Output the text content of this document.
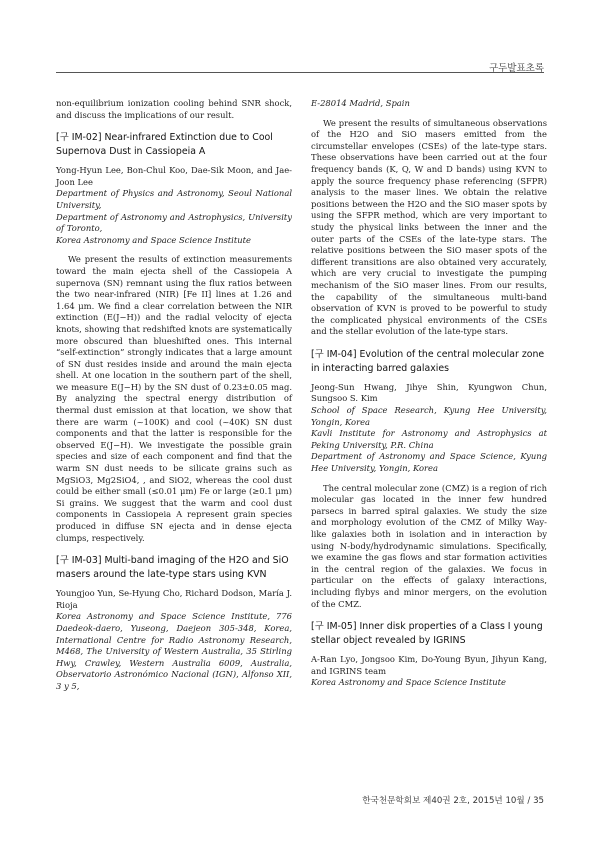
구두발표초록

non-equilibrium ionization cooling behind SNR shock, and discuss the implications of our result.

[구 IM-02] Near-infrared Extinction due to Cool Supernova Dust in Cassiopeia A

Yong-Hyun Lee, Bon-Chul Koo, Dae-Sik Moon, and Jae-Joon Lee

Department of Physics and Astronomy, Seoul National University,

Department of Astronomy and Astrophysics, University of Toronto,

Korea Astronomy and Space Science Institute

We present the results of extinction measurements toward the main ejecta shell of the Cassiopeia A supernova (SN) remnant using the flux ratios between the two near-infrared (NIR) [Fe II] lines at 1.26 and 1.64 μm. We find a clear correlation between the NIR extinction (E(J−H)) and the radial velocity of ejecta knots, showing that redshifted knots are systematically more obscured than blueshifted ones. This internal “self-extinction” strongly indicates that a large amount of SN dust resides inside and around the main ejecta shell. At one location in the southern part of the shell, we measure E(J−H) by the SN dust of 0.23±0.05 mag. By analyzing the spectral energy distribution of thermal dust emission at that location, we show that there are warm (~100K) and cool (~40K) SN dust components and that the latter is responsible for the observed E(J−H). We investigate the possible grain species and size of each component and find that the warm SN dust needs to be silicate grains such as MgSiO3, Mg2SiO4, , and SiO2, whereas the cool dust could be either small (≤0.01 μm) Fe or large (≥0.1 μm) Si grains. We suggest that the warm and cool dust components in Cassiopeia A represent grain species produced in diffuse SN ejecta and in dense ejecta clumps, respectively.

[구 IM-03] Multi-band imaging of the H2O and SiO masers around the late-type stars using KVN

Youngjoo Yun, Se-Hyung Cho, Richard Dodson, María J. Rioja

Korea Astronomy and Space Science Institute, 776 Daedeok-daero, Yuseong, Daejeon 305-348, Korea, International Centre for Radio Astronomy Research, M468, The University of Western Australia, 35 Stirling Hwy, Crawley, Western Australia 6009, Australia, Observatorio Astronómico Nacional (IGN), Alfonso XII, 3 y 5,

E-28014 Madrid, Spain

We present the results of simultaneous observations of the H2O and SiO masers emitted from the circumstellar envelopes (CSEs) of the late-type stars. These observations have been carried out at the four frequency bands (K, Q, W and D bands) using KVN to apply the source frequency phase referencing (SFPR) analysis to the maser lines. We obtain the relative positions between the H2O and the SiO maser spots by using the SFPR method, which are very important to study the physical links between the inner and the outer parts of the CSEs of the late-type stars. The relative positions between the SiO maser spots of the different transitions are also obtained very accurately, which are very crucial to investigate the pumping mechanism of the SiO maser lines. From our results, the capability of the simultaneous multi-band observation of KVN is proved to be powerful to study the complicated physical environments of the CSEs and the stellar evolution of the late-type stars.

[구 IM-04] Evolution of the central molecular zone in interacting barred galaxies

Jeong-Sun Hwang, Jihye Shin, Kyungwon Chun, Sungsoo S. Kim

School of Space Research, Kyung Hee University, Yongin, Korea

Kavli Institute for Astronomy and Astrophysics at Peking University, P.R. China

Department of Astronomy and Space Science, Kyung Hee University, Yongin, Korea

The central molecular zone (CMZ) is a region of rich molecular gas located in the inner few hundred parsecs in barred spiral galaxies. We study the size and morphology evolution of the CMZ of Milky Way-like galaxies both in isolation and in interaction by using N-body/hydrodynamic simulations. Specifically, we examine the gas flows and star formation activities in the central region of the galaxies. We focus in particular on the effects of galaxy interactions, including flybys and minor mergers, on the evolution of the CMZ.

[구 IM-05] Inner disk properties of a Class I young stellar object revealed by IGRINS

A-Ran Lyo, Jongsoo Kim, Do-Young Byun, Jihyun Kang, and IGRINS team

Korea Astronomy and Space Science Institute

한국천문학회보 제40권 2호, 2015년 10월 / 35
